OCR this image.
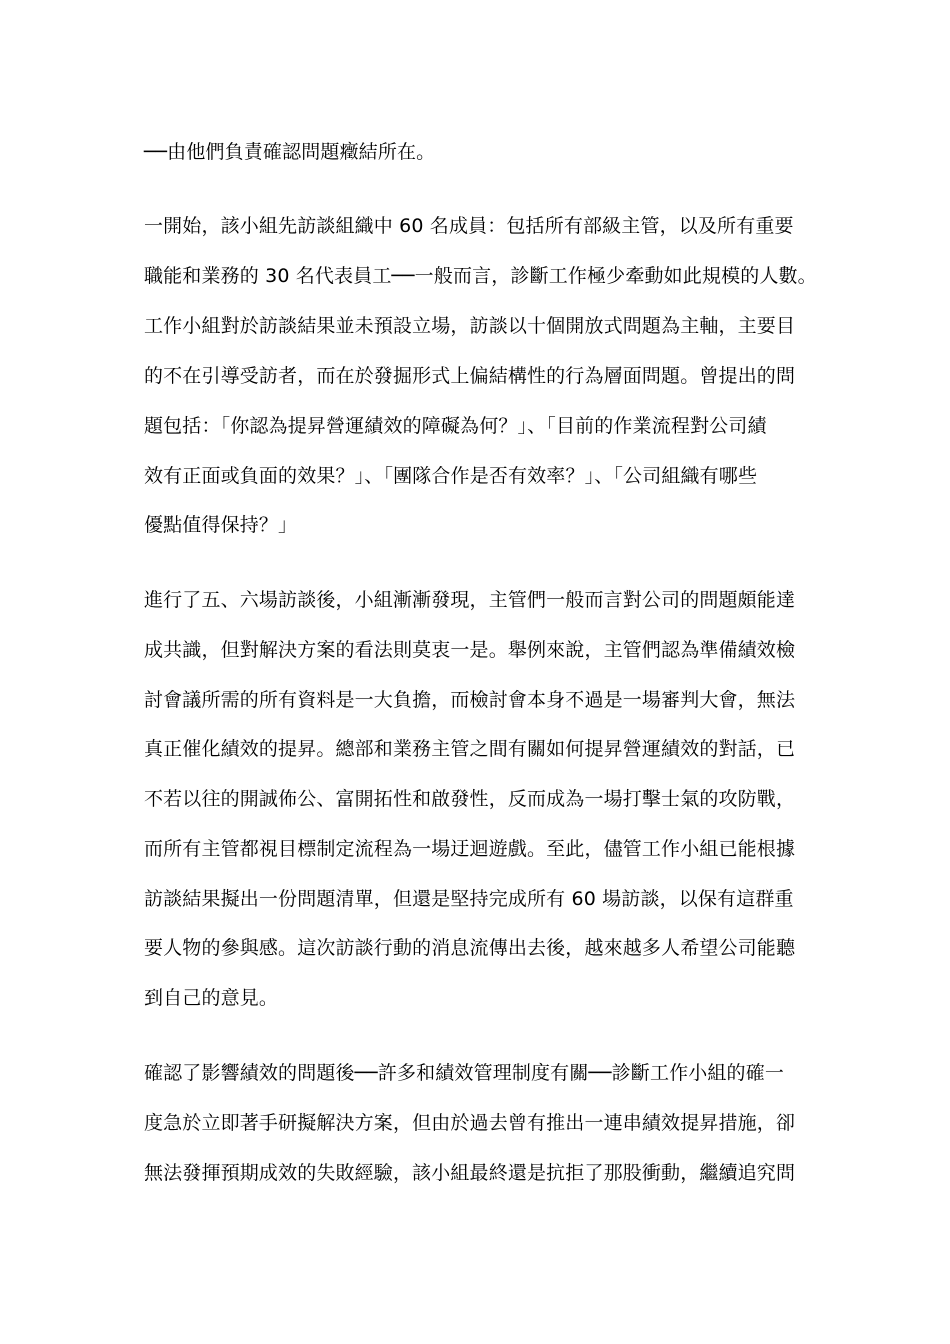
──由他們負責確認問題癥結所在。
一開始，該小組先訪談組織中 60 名成員：包括所有部級主管，以及所有重要
職能和業務的 30 名代表員工──一般而言，診斷工作極少牽動如此規模的人數。
工作小組對於訪談結果並未預設立場，訪談以十個開放式問題為主軸，主要目
的不在引導受訪者，而在於發掘形式上偏結構性的行為層面問題。曾提出的問
題包括：「你認為提昇營運績效的障礙為何？」、「目前的作業流程對公司績
效有正面或負面的效果？」、「團隊合作是否有效率？」、「公司組織有哪些
優點值得保持？」
進行了五、六場訪談後，小組漸漸發現，主管們一般而言對公司的問題頗能達
成共識，但對解決方案的看法則莫衷一是。舉例來說，主管們認為準備績效檢
討會議所需的所有資料是一大負擔，而檢討會本身不過是一場審判大會，無法
真正催化績效的提昇。總部和業務主管之間有關如何提昇營運績效的對話，已
不若以往的開誠佈公、富開拓性和啟發性，反而成為一場打擊士氣的攻防戰，
而所有主管都視目標制定流程為一場迂迴遊戲。至此，儘管工作小組已能根據
訪談結果擬出一份問題清單，但還是堅持完成所有 60 場訪談，以保有這群重
要人物的參與感。這次訪談行動的消息流傳出去後，越來越多人希望公司能聽
到自己的意見。
確認了影響績效的問題後──許多和績效管理制度有關──診斷工作小組的確一
度急於立即著手研擬解決方案，但由於過去曾有推出一連串績效提昇措施，卻
無法發揮預期成效的失敗經驗，該小組最終還是抗拒了那股衝動，繼續追究問
